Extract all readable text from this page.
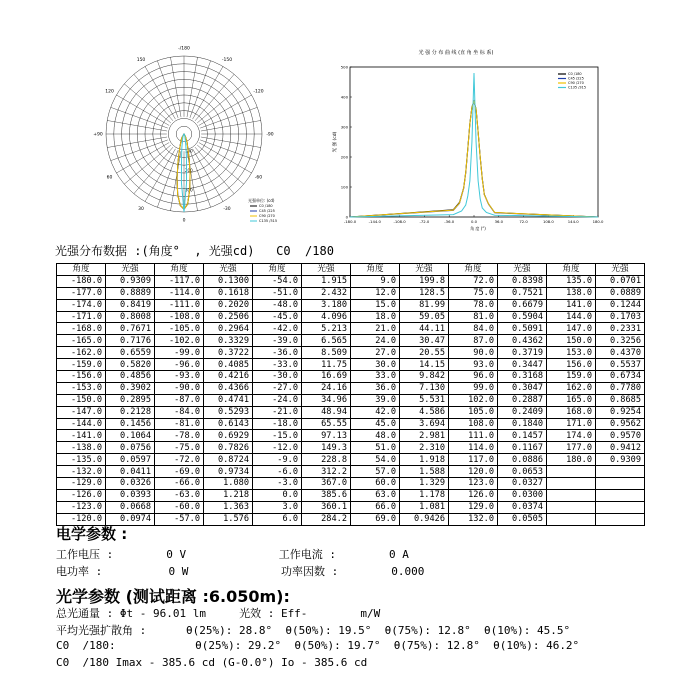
100
200
300
-/180
150	-150
120	-120
+90	-90
60	-60
30	-30
0
光强单位: (cd)
C0 /180
C45 /225
C90 /270
C135 /315
光 强 分 布 曲 线 (直 角 坐 标 系)
光 强 (cd)
角 度 (°)
-180.0	-144.0	-108.0	-72.0	-36.0	0.0	36.0	72.0	108.0	144.0	180.0
0
100
200
300
400
500
C0 /180
C45 /225
C90 /270
C135 /315
光强分布数据 :(角度°  , 光强cd)   C0  /180
角度	光强	角度	光强	角度	光强	角度	光强	角度	光强	角度	光强
-180.0	0.9309	-117.0	0.1300	-54.0	1.915	9.0	199.8	72.0	0.8398	135.0	0.0701
-177.0	0.8889	-114.0	0.1618	-51.0	2.432	12.0	128.5	75.0	0.7521	138.0	0.0889
-174.0	0.8419	-111.0	0.2020	-48.0	3.180	15.0	81.99	78.0	0.6679	141.0	0.1244
-171.0	0.8008	-108.0	0.2506	-45.0	4.096	18.0	59.05	81.0	0.5904	144.0	0.1703
-168.0	0.7671	-105.0	0.2964	-42.0	5.213	21.0	44.11	84.0	0.5091	147.0	0.2331
-165.0	0.7176	-102.0	0.3329	-39.0	6.565	24.0	30.47	87.0	0.4362	150.0	0.3256
-162.0	0.6559	-99.0	0.3722	-36.0	8.509	27.0	20.55	90.0	0.3719	153.0	0.4370
-159.0	0.5820	-96.0	0.4085	-33.0	11.75	30.0	14.15	93.0	0.3447	156.0	0.5537
-156.0	0.4856	-93.0	0.4216	-30.0	16.69	33.0	9.842	96.0	0.3168	159.0	0.6734
-153.0	0.3902	-90.0	0.4366	-27.0	24.16	36.0	7.130	99.0	0.3047	162.0	0.7780
-150.0	0.2895	-87.0	0.4741	-24.0	34.96	39.0	5.531	102.0	0.2887	165.0	0.8685
-147.0	0.2128	-84.0	0.5293	-21.0	48.94	42.0	4.586	105.0	0.2409	168.0	0.9254
-144.0	0.1456	-81.0	0.6143	-18.0	65.55	45.0	3.694	108.0	0.1840	171.0	0.9562
-141.0	0.1064	-78.0	0.6929	-15.0	97.13	48.0	2.981	111.0	0.1457	174.0	0.9570
-138.0	0.0756	-75.0	0.7826	-12.0	149.3	51.0	2.310	114.0	0.1167	177.0	0.9412
-135.0	0.0597	-72.0	0.8724	-9.0	228.8	54.0	1.918	117.0	0.0886	180.0	0.9309
-132.0	0.0411	-69.0	0.9734	-6.0	312.2	57.0	1.588	120.0	0.0653		
-129.0	0.0326	-66.0	1.080	-3.0	367.0	60.0	1.329	123.0	0.0327		
-126.0	0.0393	-63.0	1.218	0.0	385.6	63.0	1.178	126.0	0.0300		
-123.0	0.0668	-60.0	1.363	3.0	360.1	66.0	1.081	129.0	0.0374		
-120.0	0.0974	-57.0	1.576	6.0	284.2	69.0	0.9426	132.0	0.0505		
电学参数 :
工作电压 :        0 V              工作电流 :        0 A
电功率 :          0 W              功率因数 :        0.000
光学参数 (测试距离 :6.050m):
总光通量 : Φt - 96.01 lm     光效 : Eff-        m/W
平均光强扩散角 :      θ(25%): 28.8°  θ(50%): 19.5°  θ(75%): 12.8°  θ(10%): 45.5°
C0  /180:            θ(25%): 29.2°  θ(50%): 19.7°  θ(75%): 12.8°  θ(10%): 46.2°
C0  /180 Imax - 385.6 cd (G-0.0°) Io - 385.6 cd
